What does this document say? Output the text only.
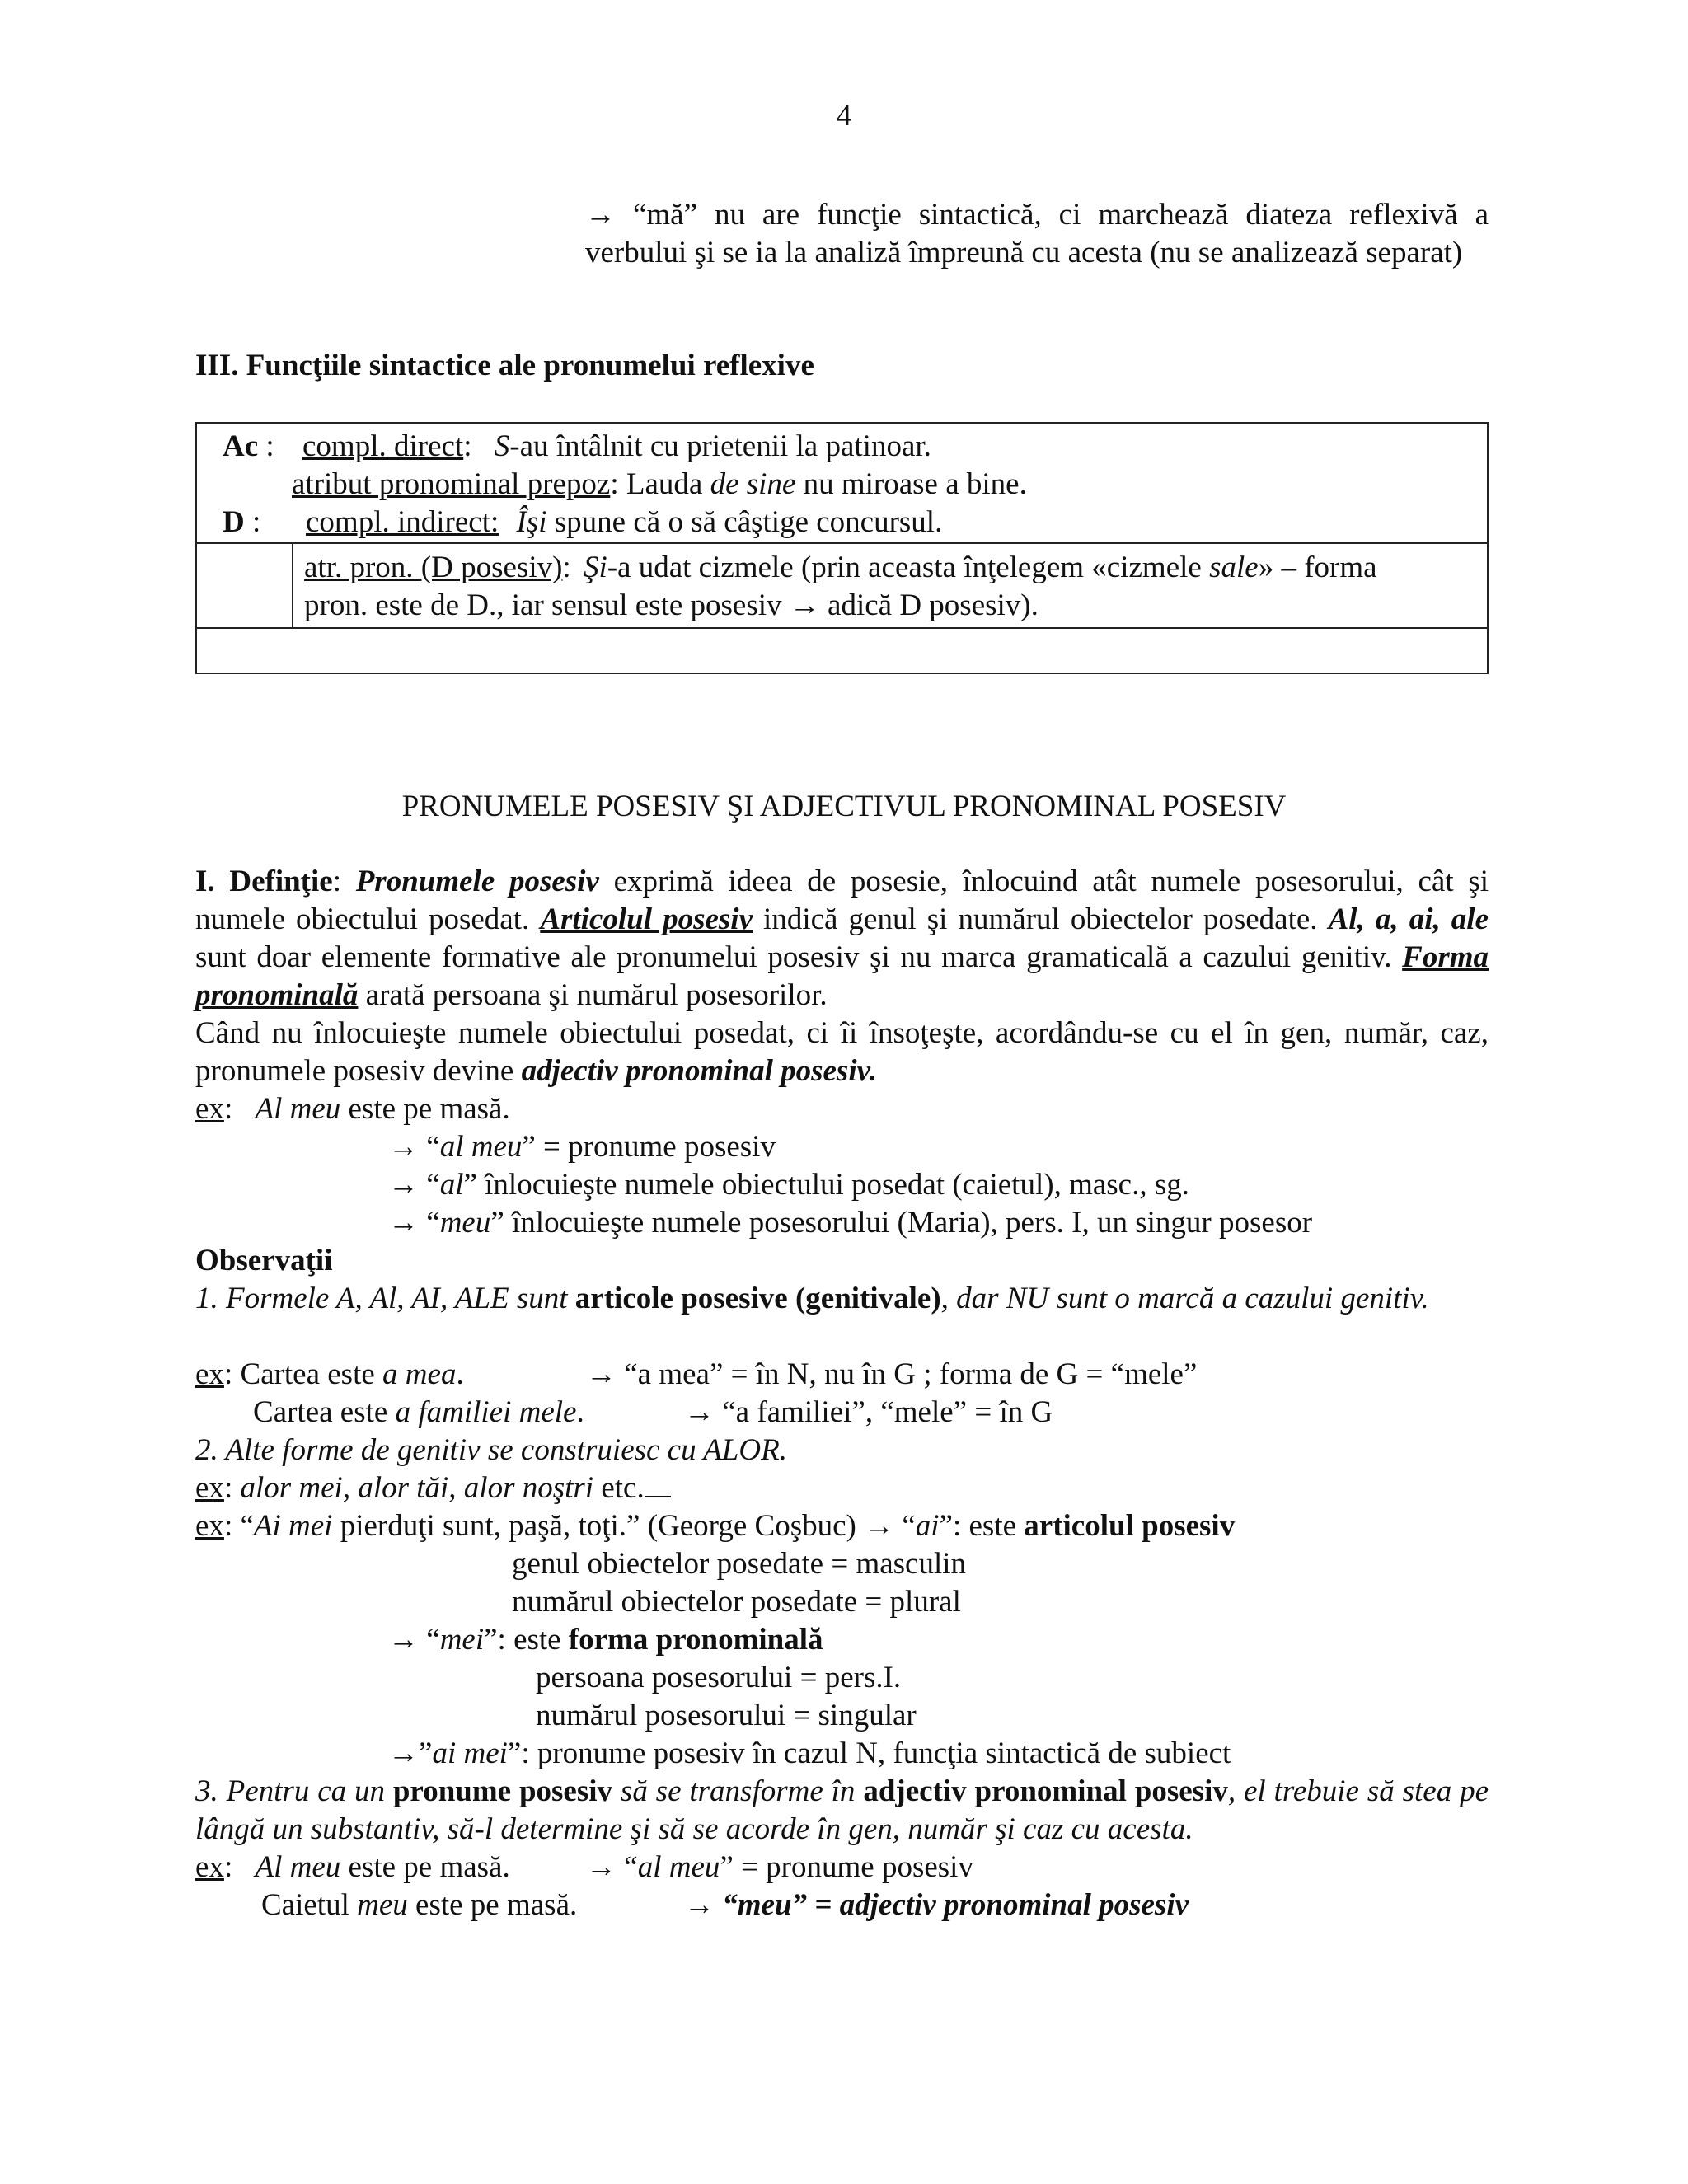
4
→ “mă” nu are funcţie sintactică, ci marchează diateza reflexivă a verbului şi se ia la analiză împreună cu acesta (nu se analizează separat)
III. Funcţiile sintactice ale pronumelui reflexive
Ac : compl. direct: S-au întâlnit cu prietenii la patinoar.
atribut pronominal prepoz: Lauda de sine nu miroase a bine.
D : compl. indirect: Îşi spune că o să câştige concursul.
atr. pron. (D posesiv): Şi-a udat cizmele (prin aceasta înţelegem «cizmele sale» – forma
pron. este de D., iar sensul este posesiv → adică D posesiv).
PRONUMELE POSESIV ŞI ADJECTIVUL PRONOMINAL POSESIV
I. Definţie: Pronumele posesiv exprimă ideea de posesie, înlocuind atât numele posesorului, cât şi numele obiectului posedat. Articolul posesiv indică genul şi numărul obiectelor posedate. Al, a, ai, ale sunt doar elemente formative ale pronumelui posesiv şi nu marca gramaticală a cazului genitiv. Forma pronominală arată persoana şi numărul posesorilor.
Când nu înlocuieşte numele obiectului posedat, ci îi însoţeşte, acordându-se cu el în gen, număr, caz, pronumele posesiv devine adjectiv pronominal posesiv.
ex: Al meu este pe masă.
→ “al meu” = pronume posesiv
→ “al” înlocuieşte numele obiectului posedat (caietul), masc., sg.
→ “meu” înlocuieşte numele posesorului (Maria), pers. I, un singur posesor
Observaţii
1. Formele A, Al, AI, ALE sunt articole posesive (genitivale), dar NU sunt o marcă a cazului genitiv.
ex: Cartea este a mea.	→ “a mea” = în N, nu în G ; forma de G = “mele”
Cartea este a familiei mele.	→ “a familiei”, “mele” = în G
2. Alte forme de genitiv se construiesc cu ALOR.
ex: alor mei, alor tăi, alor noştri etc.
ex: “Ai mei pierduţi sunt, paşă, toţi.” (George Coşbuc) → “ai”: este articolul posesiv
genul obiectelor posedate = masculin
numărul obiectelor posedate = plural
→ “mei”: este forma pronominală
persoana posesorului = pers.I.
numărul posesorului = singular
→”ai mei”: pronume posesiv în cazul N, funcţia sintactică de subiect
3. Pentru ca un pronume posesiv să se transforme în adjectiv pronominal posesiv, el trebuie să stea pe lângă un substantiv, să-l determine şi să se acorde în gen, număr şi caz cu acesta.
ex: Al meu este pe masă. → “al meu” = pronume posesiv
Caietul meu este pe masă.	→ “meu” = adjectiv pronominal posesiv
